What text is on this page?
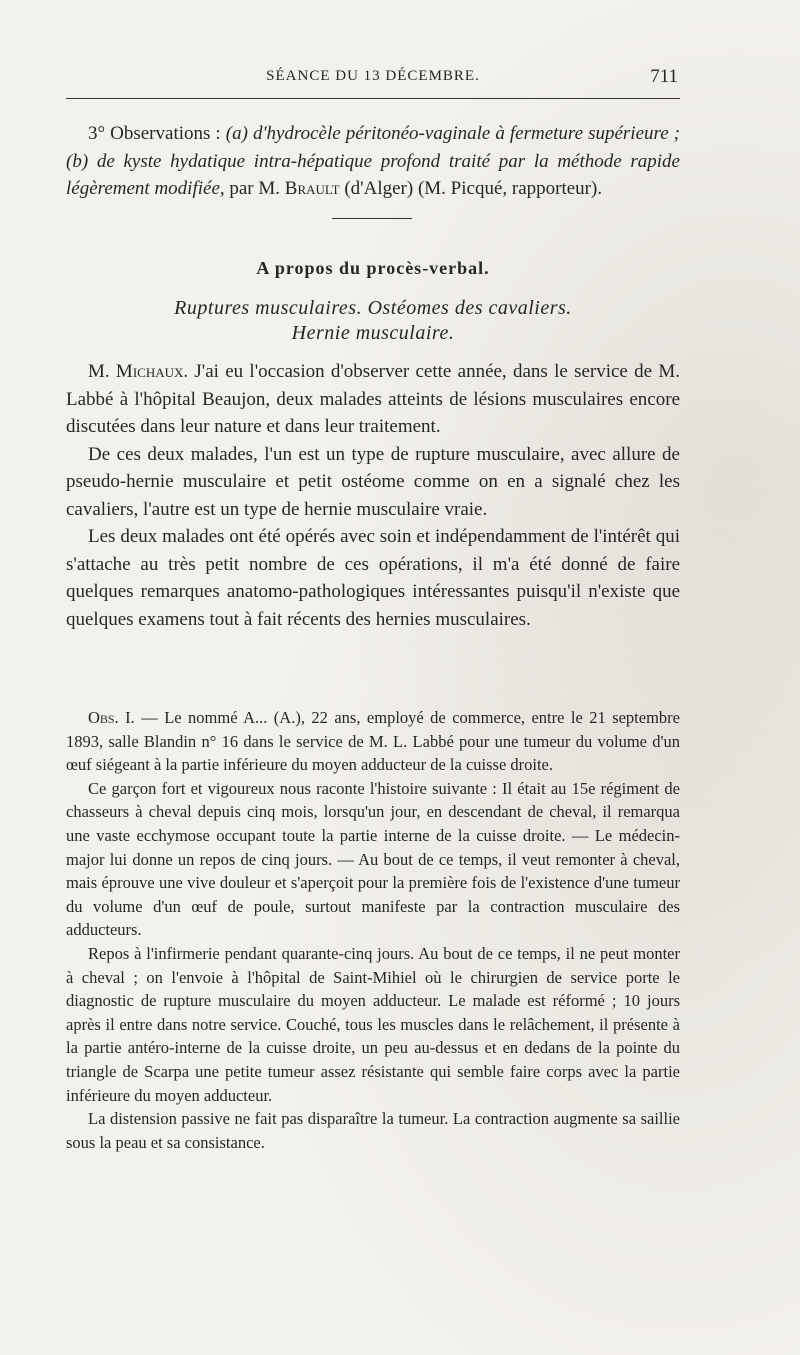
SÉANCE DU 13 DÉCEMBRE.	711

3° Observations : (a) d'hydrocèle péritonéo-vaginale à fermeture supérieure ; (b) de kyste hydatique intra-hépatique profond traité par la méthode rapide légèrement modifiée, par M. Brault (d'Alger) (M. Picqué, rapporteur).

A propos du procès-verbal.
Ruptures musculaires. Ostéomes des cavaliers.
Hernie musculaire.

M. Michaux. J'ai eu l'occasion d'observer cette année, dans le service de M. Labbé à l'hôpital Beaujon, deux malades atteints de lésions musculaires encore discutées dans leur nature et dans leur traitement.

De ces deux malades, l'un est un type de rupture musculaire, avec allure de pseudo-hernie musculaire et petit ostéome comme on en a signalé chez les cavaliers, l'autre est un type de hernie musculaire vraie.

Les deux malades ont été opérés avec soin et indépendamment de l'intérêt qui s'attache au très petit nombre de ces opérations, il m'a été donné de faire quelques remarques anatomo-pathologiques intéressantes puisqu'il n'existe que quelques examens tout à fait récents des hernies musculaires.

Obs. I. — Le nommé A... (A.), 22 ans, employé de commerce, entre le 21 septembre 1893, salle Blandin n° 16 dans le service de M. L. Labbé pour une tumeur du volume d'un œuf siégeant à la partie inférieure du moyen adducteur de la cuisse droite.

Ce garçon fort et vigoureux nous raconte l'histoire suivante : Il était au 15e régiment de chasseurs à cheval depuis cinq mois, lorsqu'un jour, en descendant de cheval, il remarqua une vaste ecchymose occupant toute la partie interne de la cuisse droite. — Le médecin-major lui donne un repos de cinq jours. — Au bout de ce temps, il veut remonter à cheval, mais éprouve une vive douleur et s'aperçoit pour la première fois de l'existence d'une tumeur du volume d'un œuf de poule, surtout manifeste par la contraction musculaire des adducteurs.

Repos à l'infirmerie pendant quarante-cinq jours. Au bout de ce temps, il ne peut monter à cheval ; on l'envoie à l'hôpital de Saint-Mihiel où le chirurgien de service porte le diagnostic de rupture musculaire du moyen adducteur. Le malade est réformé ; 10 jours après il entre dans notre service. Couché, tous les muscles dans le relâchement, il présente à la partie antéro-interne de la cuisse droite, un peu au-dessus et en dedans de la pointe du triangle de Scarpa une petite tumeur assez résistante qui semble faire corps avec la partie inférieure du moyen adducteur.

La distension passive ne fait pas disparaître la tumeur. La contraction augmente sa saillie sous la peau et sa consistance.
